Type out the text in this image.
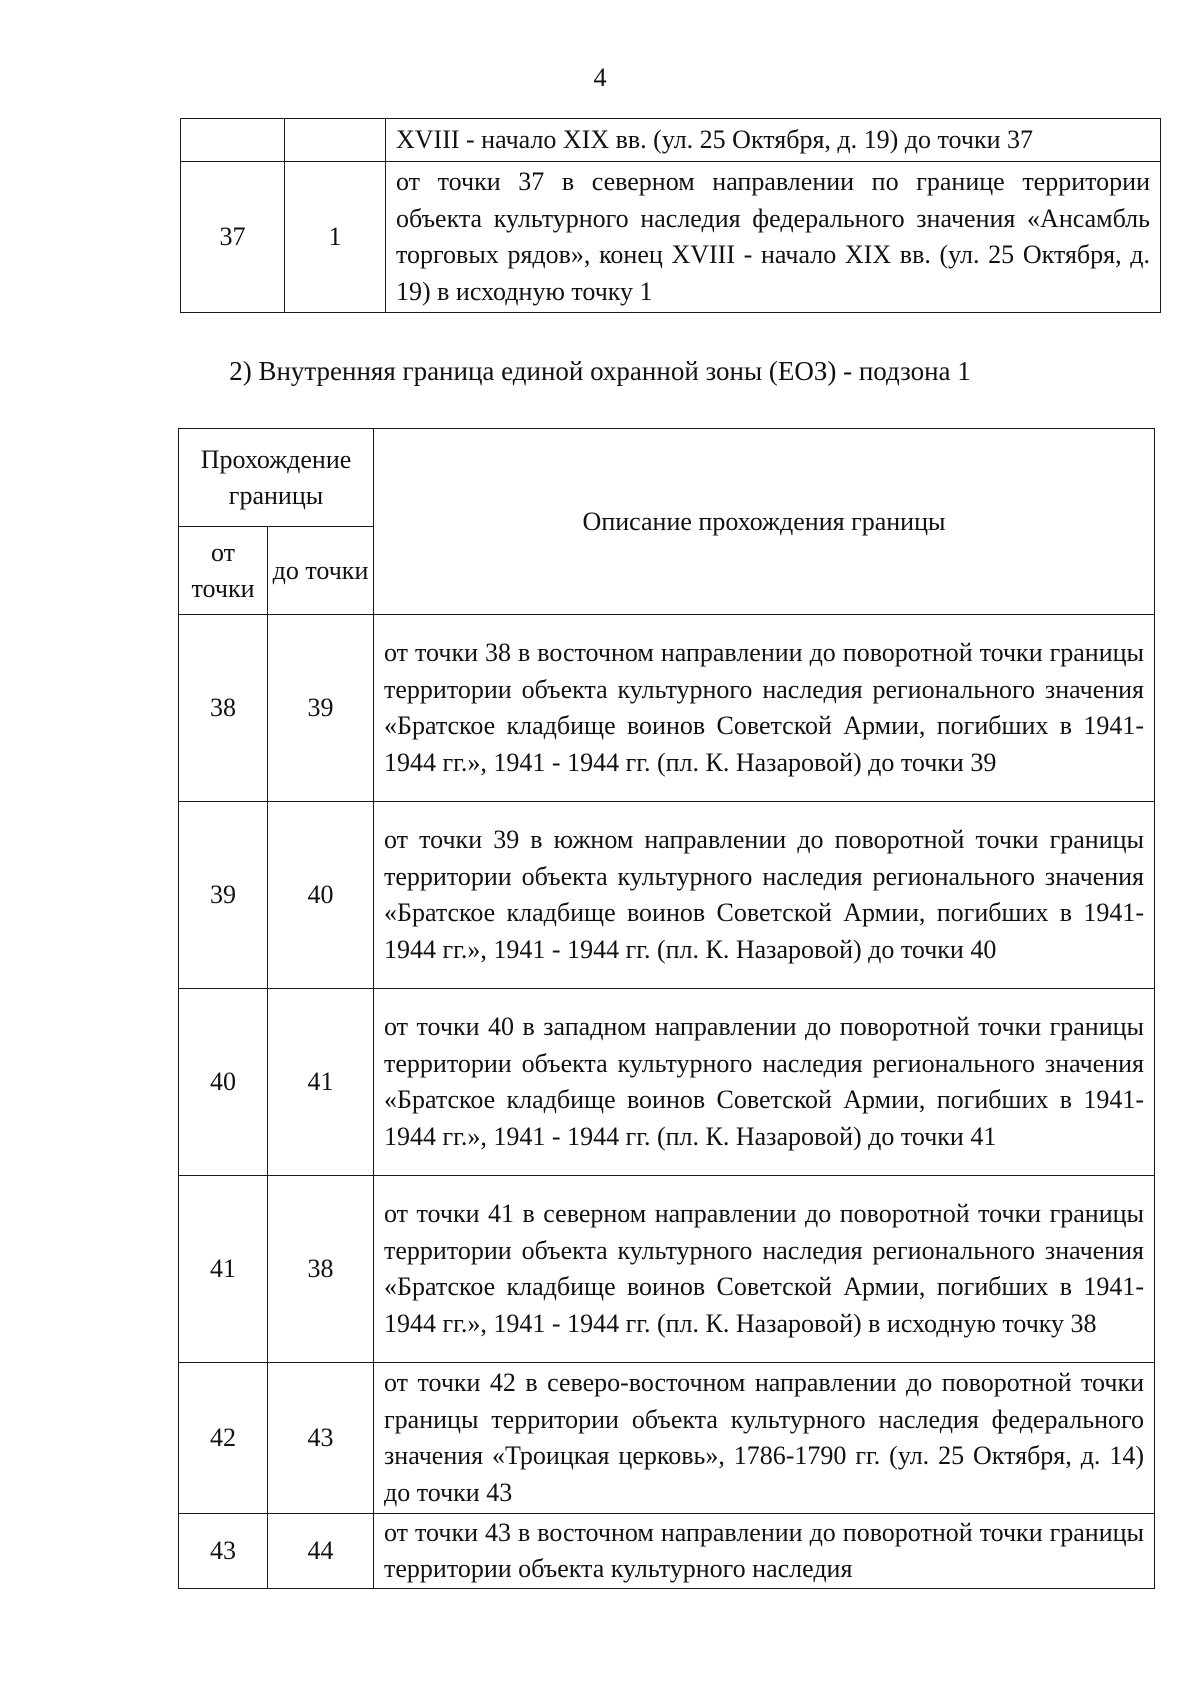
4
		XVIII - начало XIX вв. (ул. 25 Октября, д. 19) до точки 37
37	1	от точки 37 в северном направлении по границе территории объекта культурного наследия федерального значения «Ансамбль торговых рядов», конец XVIII - начало XIX вв. (ул. 25 Октября, д. 19) в исходную точку 1
2) Внутренняя граница единой охранной зоны (ЕОЗ) - подзона 1
Прохождение границы		Описание прохождения границы
от точки	до точки	
38	39	от точки 38 в восточном направлении до поворотной точки границы территории объекта культурного наследия регионального значения «Братское кладбище воинов Советской Армии, погибших в 1941-1944 гг.», 1941 - 1944 гг. (пл. К. Назаровой) до точки 39
39	40	от точки 39 в южном направлении до поворотной точки границы территории объекта культурного наследия регионального значения «Братское кладбище воинов Советской Армии, погибших в 1941-1944 гг.», 1941 - 1944 гг. (пл. К. Назаровой) до точки 40
40	41	от точки 40 в западном направлении до поворотной точки границы территории объекта культурного наследия регионального значения «Братское кладбище воинов Советской Армии, погибших в 1941-1944 гг.», 1941 - 1944 гг. (пл. К. Назаровой) до точки 41
41	38	от точки 41 в северном направлении до поворотной точки границы территории объекта культурного наследия регионального значения «Братское кладбище воинов Советской Армии, погибших в 1941-1944 гг.», 1941 - 1944 гг. (пл. К. Назаровой) в исходную точку 38
42	43	от точки 42 в северо-восточном направлении до поворотной точки границы территории объекта культурного наследия федерального значения «Троицкая церковь», 1786-1790 гг. (ул. 25 Октября, д. 14) до точки 43
43	44	от точки 43 в восточном направлении до поворотной точки границы территории объекта культурного наследия
